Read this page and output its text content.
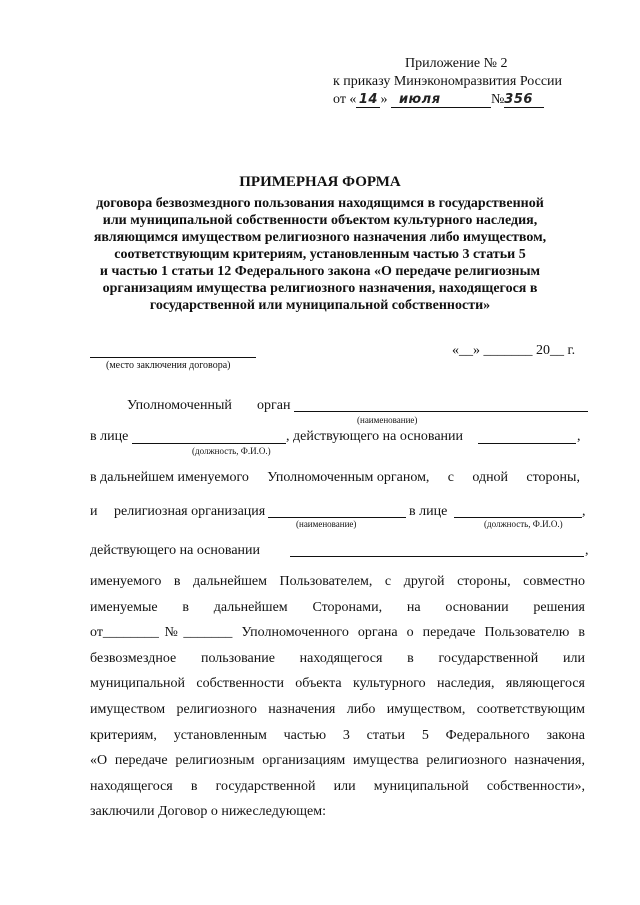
Приложение № 2
к приказу Минэкономразвития России
от « 14 » июля	№356
ПРИМЕРНАЯ ФОРМА
договора безвозмездного пользования находящимся в государственной
или муниципальной собственности объектом культурного наследия,
являющимся имуществом религиозного назначения либо имуществом,
соответствующим критериям, установленным частью 3 статьи 5
и частью 1 статьи 12 Федерального закона «О передаче религиозным
организациям имущества религиозного назначения, находящегося в
государственной или муниципальной собственности»
(место заключения договора)
«__» _______ 20__ г.
Уполномоченный орган
(наименование)
в лице	, действующего на основании	,
(должность, Ф.И.О.)
в дальнейшем именуемого Уполномоченным органом, с одной стороны,
и религиозная организация	в лице	,
(наименование)	(должность, Ф.И.О.)
действующего на основании	,
именуемого в дальнейшем Пользователем, с другой стороны, совместно
именуемые в дальнейшем Сторонами, на основании решения
от________№_______ Уполномоченного органа о передаче Пользователю в
безвозмездное пользование находящегося в государственной или
муниципальной собственности объекта культурного наследия, являющегося
имуществом религиозного назначения либо имуществом, соответствующим
критериям, установленным частью 3 статьи 5 Федерального закона
«О передаче религиозным организациям имущества религиозного назначения,
находящегося в государственной или муниципальной собственности»,
заключили Договор о нижеследующем:
